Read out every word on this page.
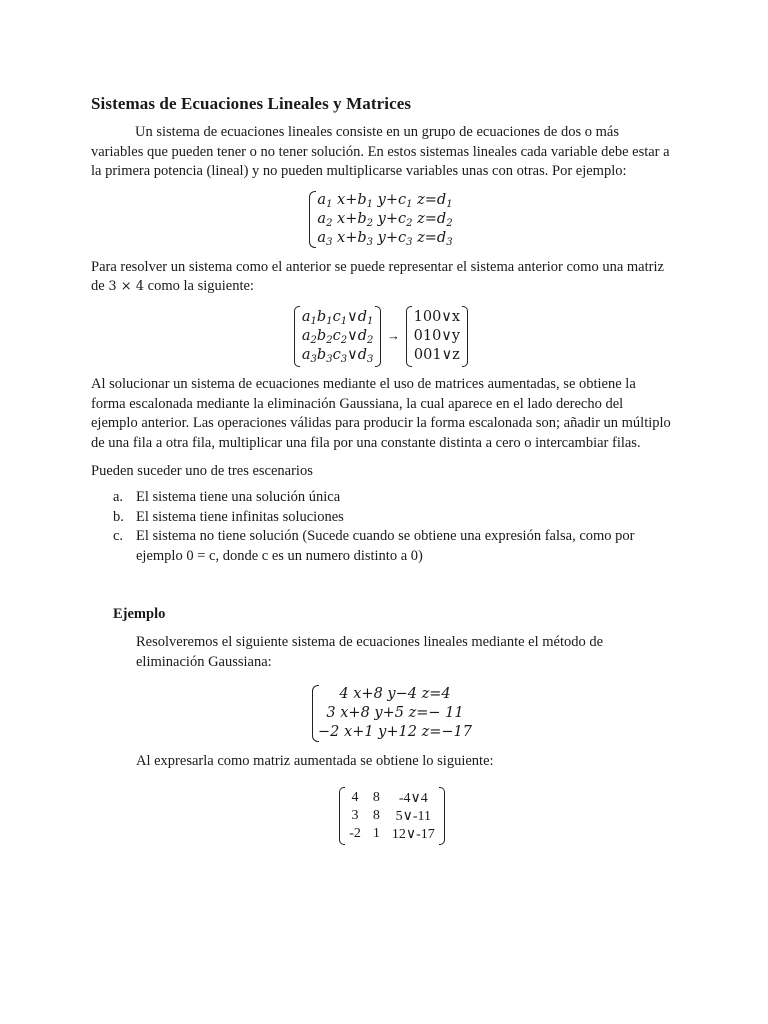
Sistemas de Ecuaciones Lineales y Matrices

Un sistema de ecuaciones lineales consiste en un grupo de ecuaciones de dos o más variables que pueden tener o no tener solución. En estos sistemas lineales cada variable debe estar a la primera potencia (lineal) y no pueden multiplicarse variables unas con otras. Por ejemplo:

$a_1$ $x+b_1$ $y+c_1$ $z=d_1$
$a_2$ $x+b_2$ $y+c_2$ $z=d_2$
$a_3$ $x+b_3$ $y+c_3$ $z=d_3$

Para resolver un sistema como el anterior se puede representar el sistema anterior como una matriz de 3 × 4 como la siguiente:

$a_1b_1c_1\vee d_1$
$a_2b_2c_2\vee d_2$
$a_3b_3c_3\vee d_3$
→
100∨x
010∨y
001∨z

Al solucionar un sistema de ecuaciones mediante el uso de matrices aumentadas, se obtiene la forma escalonada mediante la eliminación Gaussiana, la cual aparece en el lado derecho del ejemplo anterior. Las operaciones válidas para producir la forma escalonada son; añadir un múltiplo de una fila a otra fila, multiplicar una fila por una constante distinta a cero o intercambiar filas.

Pueden suceder uno de tres escenarios

a. El sistema tiene una solución única
b. El sistema tiene infinitas soluciones
c. El sistema no tiene solución (Sucede cuando se obtiene una expresión falsa, como por ejemplo 0 = c, donde c es un numero distinto a 0)
Ejemplo

Resolveremos el siguiente sistema de ecuaciones lineales mediante el método de eliminación Gaussiana:

4 x+8 y−4 z=4
3 x+8 y+5 z=− 11
−2 x+1 y+12 z=−17

Al expresarla como matriz aumentada se obtiene lo siguiente:

4	8	-4∨4
3	8	5∨-11
-2	1	12∨-17
